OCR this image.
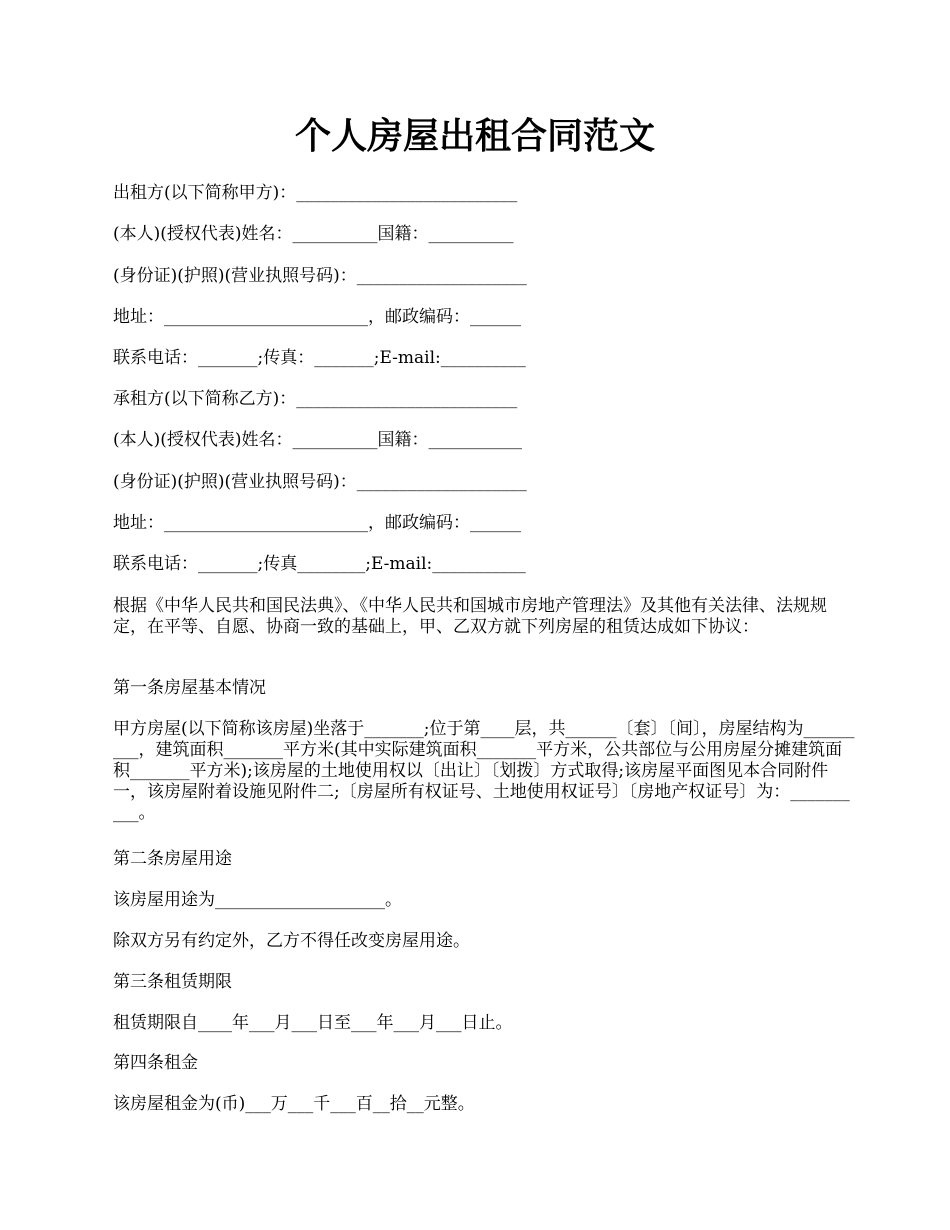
个人房屋出租合同范文

出租方(以下简称甲方)：__________________________

(本人)(授权代表)姓名：__________国籍：__________

(身份证)(护照)(营业执照号码)：____________________

地址：________________________，邮政编码：______

联系电话：_______;传真：_______;E-mail:__________

承租方(以下简称乙方)：__________________________

(本人)(授权代表)姓名：__________国籍：___________

(身份证)(护照)(营业执照号码)：____________________

地址：________________________，邮政编码：______

联系电话：_______;传真________;E-mail:___________

根据《中华人民共和国民法典》、《中华人民共和国城市房地产管理法》及其他有关法律、法规规定，在平等、自愿、协商一致的基础上，甲、乙双方就下列房屋的租赁达成如下协议：

第一条房屋基本情况

甲方房屋(以下简称该房屋)坐落于_______;位于第____层，共______〔套〕〔间〕，房屋结构为_________，建筑面积_______平方米(其中实际建筑面积_______平方米，公共部位与公用房屋分摊建筑面积_______平方米);该房屋的土地使用权以〔出让〕〔划拨〕方式取得;该房屋平面图见本合同附件一，该房屋附着设施见附件二;〔房屋所有权证号、土地使用权证号〕〔房地产权证号〕为：__________。

第二条房屋用途

该房屋用途为____________________。

除双方另有约定外，乙方不得任改变房屋用途。

第三条租赁期限

租赁期限自____年___月___日至___年___月___日止。

第四条租金

该房屋租金为(币)___万___千___百__拾__元整。
